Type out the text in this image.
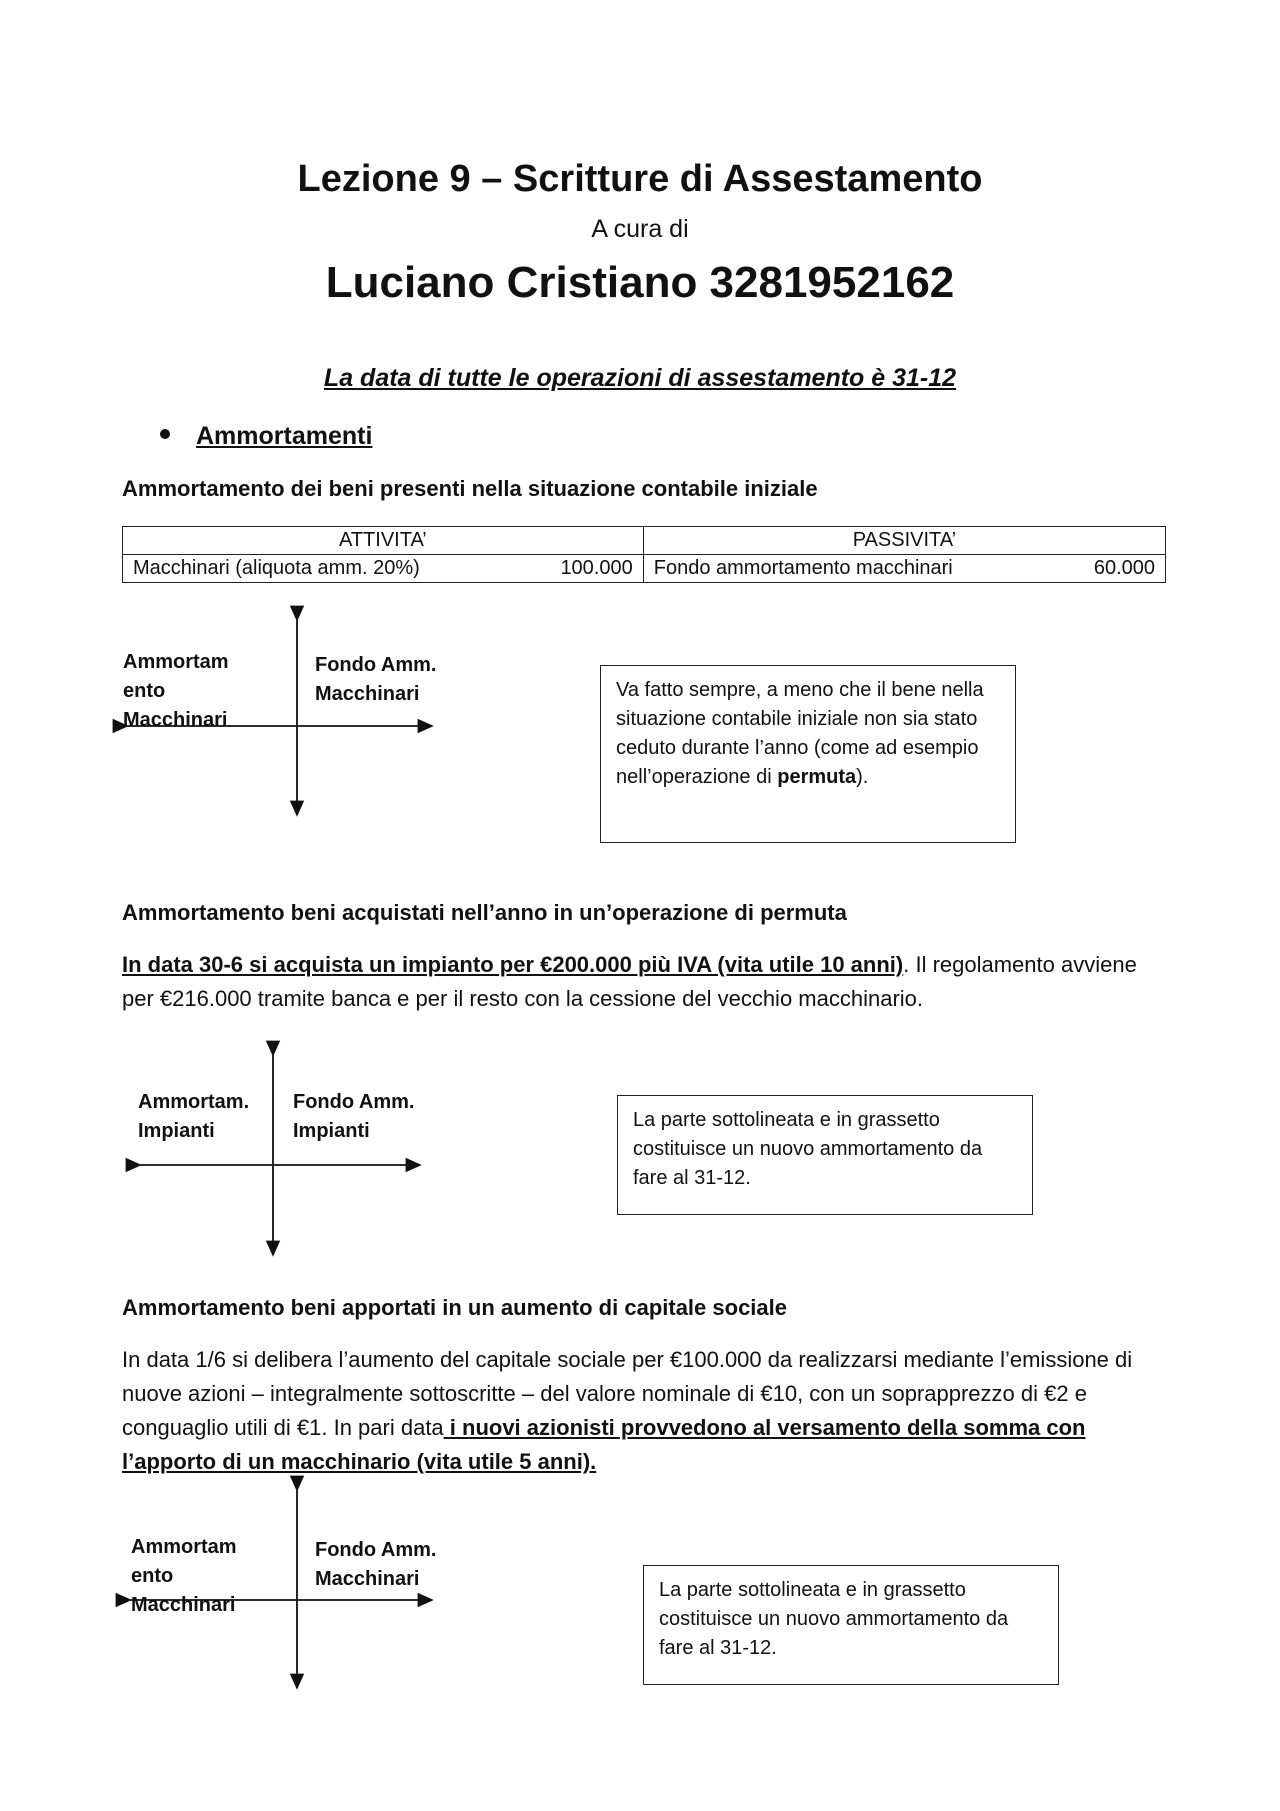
Lezione 9 – Scritture di Assestamento
A cura di
Luciano Cristiano 3281952162
La data di tutte le operazioni di assestamento è 31-12
Ammortamenti
Ammortamento dei beni presenti nella situazione contabile iniziale
ATTIVITA’	PASSIVITA’

Macchinari (aliquota amm. 20%) 100.000	Fondo ammortamento macchinari 60.000
Ammortam
ento
Macchinari
Fondo Amm.
Macchinari	Va fatto sempre, a meno che il bene nella situazione contabile iniziale non sia stato ceduto durante l’anno (come ad esempio nell’operazione di permuta).
Ammortamento beni acquistati nell’anno in un’operazione di permuta
In data 30-6 si acquista un impianto per €200.000 più IVA (vita utile 10 anni). Il regolamento avviene per €216.000 tramite banca e per il resto con la cessione del vecchio macchinario.
Ammortam.
Impianti
Fondo Amm.
Impianti	La parte sottolineata e in grassetto costituisce un nuovo ammortamento da fare al 31-12.
Ammortamento beni apportati in un aumento di capitale sociale
In data 1/6 si delibera l’aumento del capitale sociale per €100.000 da realizzarsi mediante l’emissione di nuove azioni – integralmente sottoscritte – del valore nominale di €10, con un soprapprezzo di €2 e conguaglio utili di €1. In pari data i nuovi azionisti provvedono al versamento della somma con l’apporto di un macchinario (vita utile 5 anni).
Ammortam
ento
Macchinari
Fondo Amm.
Macchinari	La parte sottolineata e in grassetto costituisce un nuovo ammortamento da fare al 31-12.
